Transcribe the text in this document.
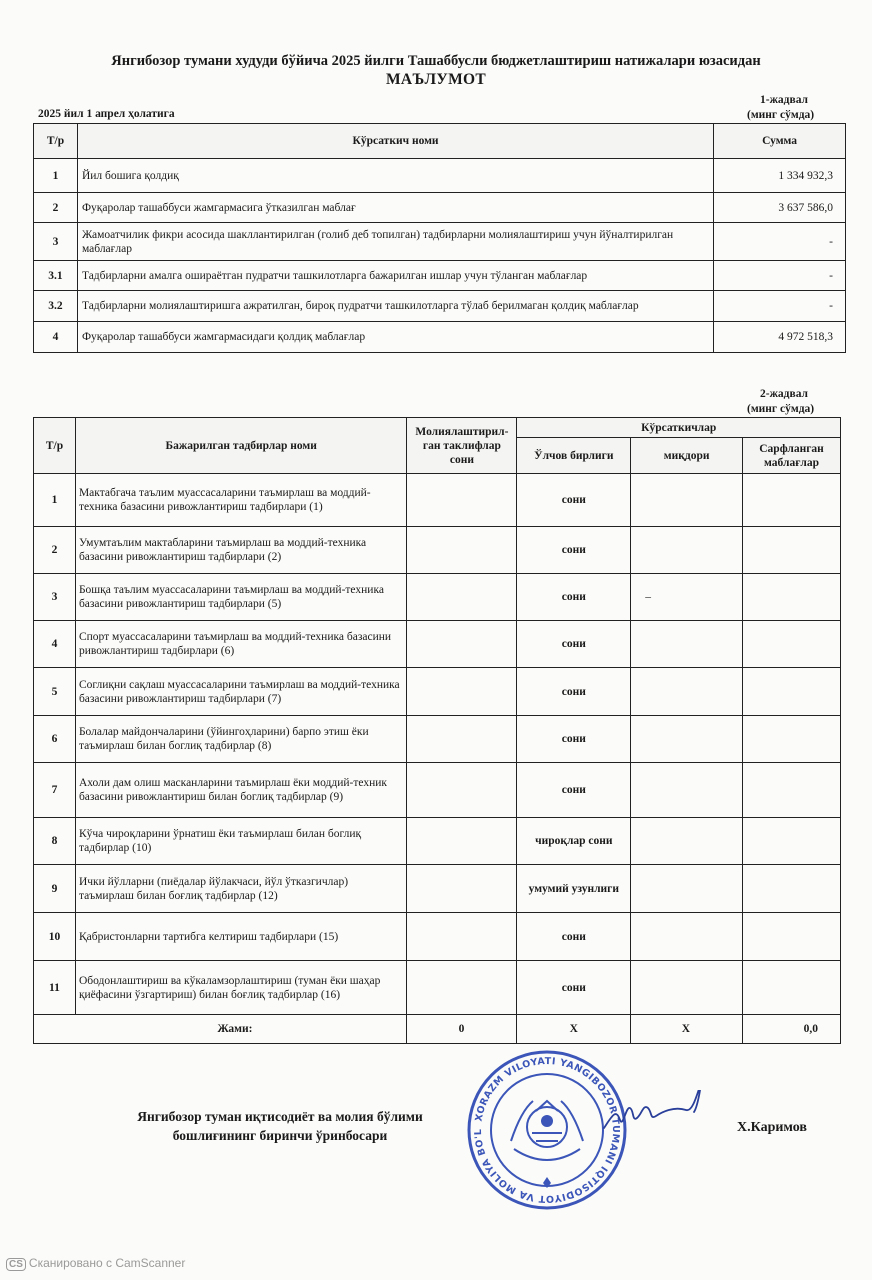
Янгибозор тумани худуди бўйича 2025 йилги Ташаббусли бюджетлаштириш натижалари юзасидан
МАЪЛУМОТ
2025 йил 1 апрел ҳолатига
1-жадвал
(минг сўмда)
Т/р	Кўрсаткич номи	Сумма
1	Йил бошига қолдиқ	1 334 932,3
2	Фуқаролар ташаббуси жамгармасига ўтказилган маблағ	3 637 586,0
3	Жамоатчилик фикри асосида шакллантирилган (голиб деб топилган) тадбирларни молиялаштириш учун йўналтирилган маблағлар	-
3.1	Тадбирларни амалга оширaётган пудратчи ташкилотларга бажарилган ишлар учун тўланган маблағлар	-
3.2	Тадбирларни молиялаштиришга ажратилган, бироқ пудратчи ташкилотларга тўлаб берилмаган қолдиқ маблағлар	-
4	Фуқаролар ташаббуси жамгармасидаги қолдиқ маблағлар	4 972 518,3
2-жадвал
(минг сўмда)
Т/р	Бажарилган тадбирлар номи	Молиялаштирил-ган таклифлар сони	Кўрсаткичлар		
			Ўлчов бирлиги	миқдори	Сарфланган маблағлар
1	Мактабгача таълим муассасаларини таъмирлаш ва моддий-техника базасини ривожлантириш тадбирлари (1)		сони		
2	Умумтаълим мактабларини таъмирлаш ва моддий-техника базасини ривожлантириш тадбирлари (2)		сони		
3	Бошқа таълим муассасаларини таъмирлаш ва моддий-техника базасини ривожлантириш тадбирлари (5)		сони	–	
4	Спорт муассасаларини таъмирлаш ва моддий-техника базасини ривожлантириш тадбирлари (6)		сони		
5	Соглиқни сақлаш муассасаларини таъмирлаш ва моддий-техника базасини ривожлантириш тадбирлари (7)		сони		
6	Болалар майдончаларини (ўйингоҳларини) барпо этиш ёки таъмирлаш билан боглиқ тадбирлар (8)		сони		
7	Ахоли дам олиш масканларини таъмирлаш ёки моддий-техник базасини ривожлантириш билан боглиқ тадбирлар (9)		сони		
8	Кўча чироқларини ўрнатиш ёки таъмирлаш билан боглиқ тадбирлар (10)		чироқлар сони		
9	Ички йўлларни (пиёдалар йўлакчаси, йўл ўтказгичлар) таъмирлаш билан боғлиқ тадбирлар (12)		умумий узунлиги		
10	Қабристонларни тартибга келтириш тадбирлари (15)		сони		
11	Ободонлаштириш ва кўкаламзорлаштириш (туман ёки шаҳар қиёфасини ўзгартириш) билан боғлиқ тадбирлар (16)		сони		
Жами:		0	Х	Х	0,0
Янгибозор туман иқтисодиёт ва молия бўлими бошлиғининг биринчи ўринбосари
XORAZM VILOYATI YANGIBOZOR TUMANI IQTISODIYOT VA MOLIYA BO'L	Х.Каримов
CS Сканировано с CamScanner
